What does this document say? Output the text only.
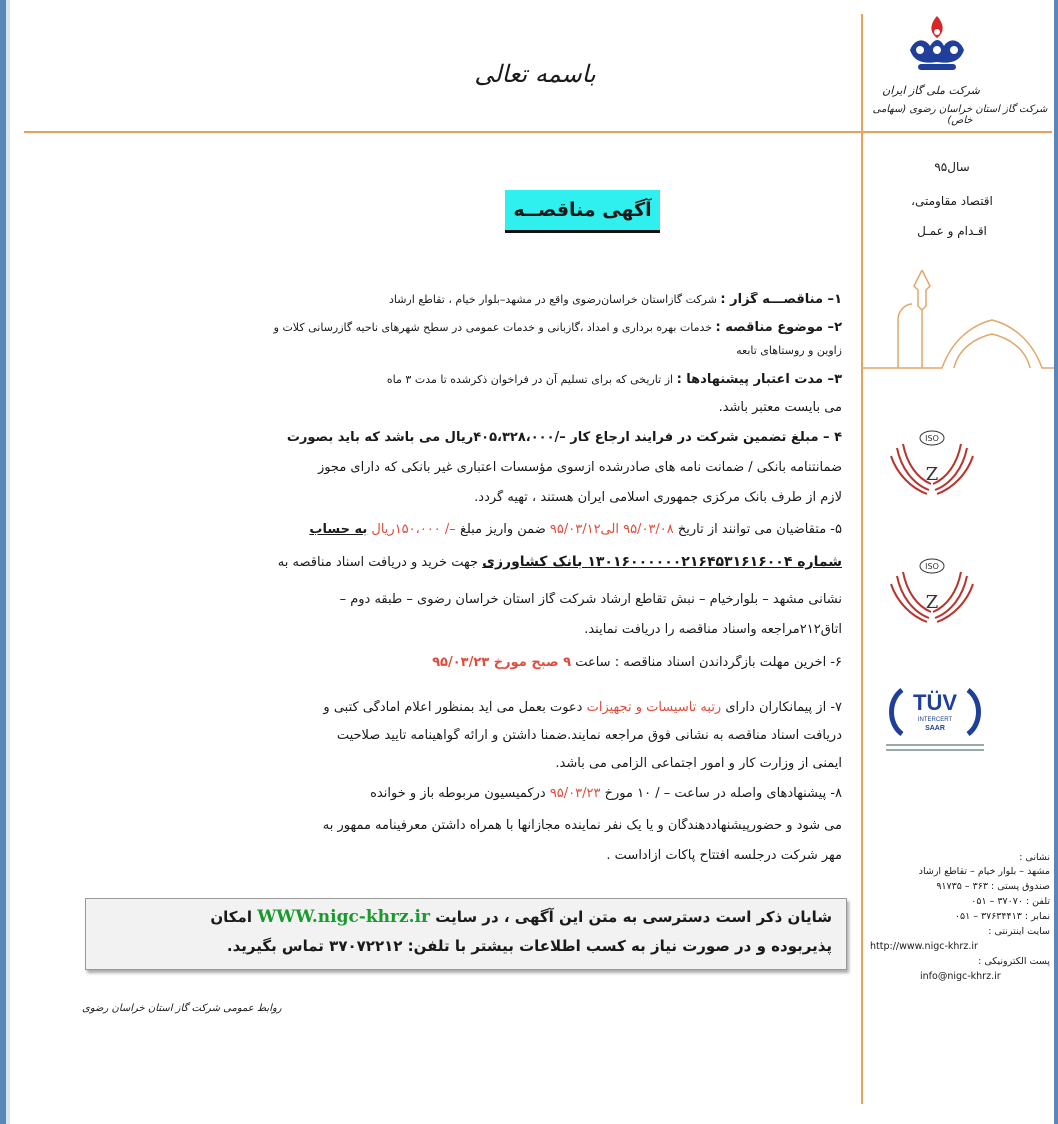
باسمه تعالی
شرکت ملی گاز ایران
شرکت گاز استان خراسان رضوی (سهامی خاص)
سال۹۵
اقتصاد مقاومتی،
اقـدام و عمـل
ISO
Z
ISO
Z
TÜV
INTERCERT
SAAR
نشانی :
مشهد – بلوار خیام – تقاطع ارشاد
صندوق پستی : ۳۶۳ – ۹۱۷۳۵
تلفن : ۳۷۰۷۰ – ۰۵۱
نمابر : ۳۷۶۳۴۴۱۳ – ۰۵۱
سایت اینترنتی :
http://www.nigc-khrz.ir
پست الکترونیکی :
info@nigc-khrz.ir
آگهی مناقصــه
۱– مناقصـــه گزار : شرکت گازاستان خراسان‌رضوی واقع در مشهد–بلوار خیام ، تقاطع ارشاد
۲– موضوع مناقصه : خدمات بهره برداری و امداد ،گازبانی و خدمات عمومی در سطح شهرهای ناحیه گازرسانی کلات و
زاوین و روستاهای تابعه
۳– مدت اعتبار پیشنهادها : از تاریخی که برای تسلیم آن در فراخوان ذکرشده تا مدت ۳ ماه
می بایست معتبر باشد.
۴ – مبلغ تضمین شرکت در فرایند ارجاع کار –/۴۰۵،۳۲۸،۰۰۰ریال می باشد که باید بصورت
ضمانتنامه بانکی / ضمانت نامه های صادرشده ازسوی مؤسسات اعتباری غیر بانکی که دارای مجوز
لازم از طرف بانک مرکزی جمهوری اسلامی ایران هستند ، تهیه گردد.
۵- متقاضیان می توانند از تاریخ ۹۵/۰۳/۰۸ الی۹۵/۰۳/۱۲ ضمن واریز مبلغ –/ ۱۵۰،۰۰۰ریال به حساب
شماره ۱۳۰۱۶۰۰۰۰۰۰۲۱۶۴۵۳۱۶۱۶۰۰۴ بانک کشاورزی جهت خرید و دریافت اسناد مناقصه به
نشانی مشهد – بلوارخیام – نبش تقاطع ارشاد شرکت گاز استان خراسان رضوی – طبقه دوم –
اتاق۲۱۲مراجعه واسناد مناقصه را دریافت نمایند.
۶- آخرین مهلت بازگرداندن اسناد مناقصه : ساعت ۹ صبح مورخ ۹۵/۰۳/۲۳
۷- از پیمانکاران دارای رتبه تاسیسات و تجهیزات دعوت بعمل می آید بمنظور اعلام آمادگی کتبی و
دریافت اسناد مناقصه به نشانی فوق مراجعه نمایند.ضمنا داشتن و ارائه گواهینامه تأیید صلاحیت
ایمنی از وزارت کار و امور اجتماعی الزامی می باشد.
۸- پیشنهادهای واصله در ساعت – / ۱۰ مورخ ۹۵/۰۳/۲۳ درکمیسیون مربوطه باز و خوانده
می شود و حضورپیشنهاددهندگان و یا یک نفر نماینده مجازآنها با همراه داشتن معرفینامه ممهور به
مهر شرکت درجلسه افتتاح پاکات آزاداست .
شایان ذکر است دسترسی به متن این آگهی ، در سایت WWW.nigc-khrz.ir امکان
پذیربوده و در صورت نیاز به کسب اطلاعات بیشتر با تلفن: ۳۷۰۷۲۲۱۲ تماس بگیرید.
روابط عمومی شرکت گاز استان خراسان رضوی
